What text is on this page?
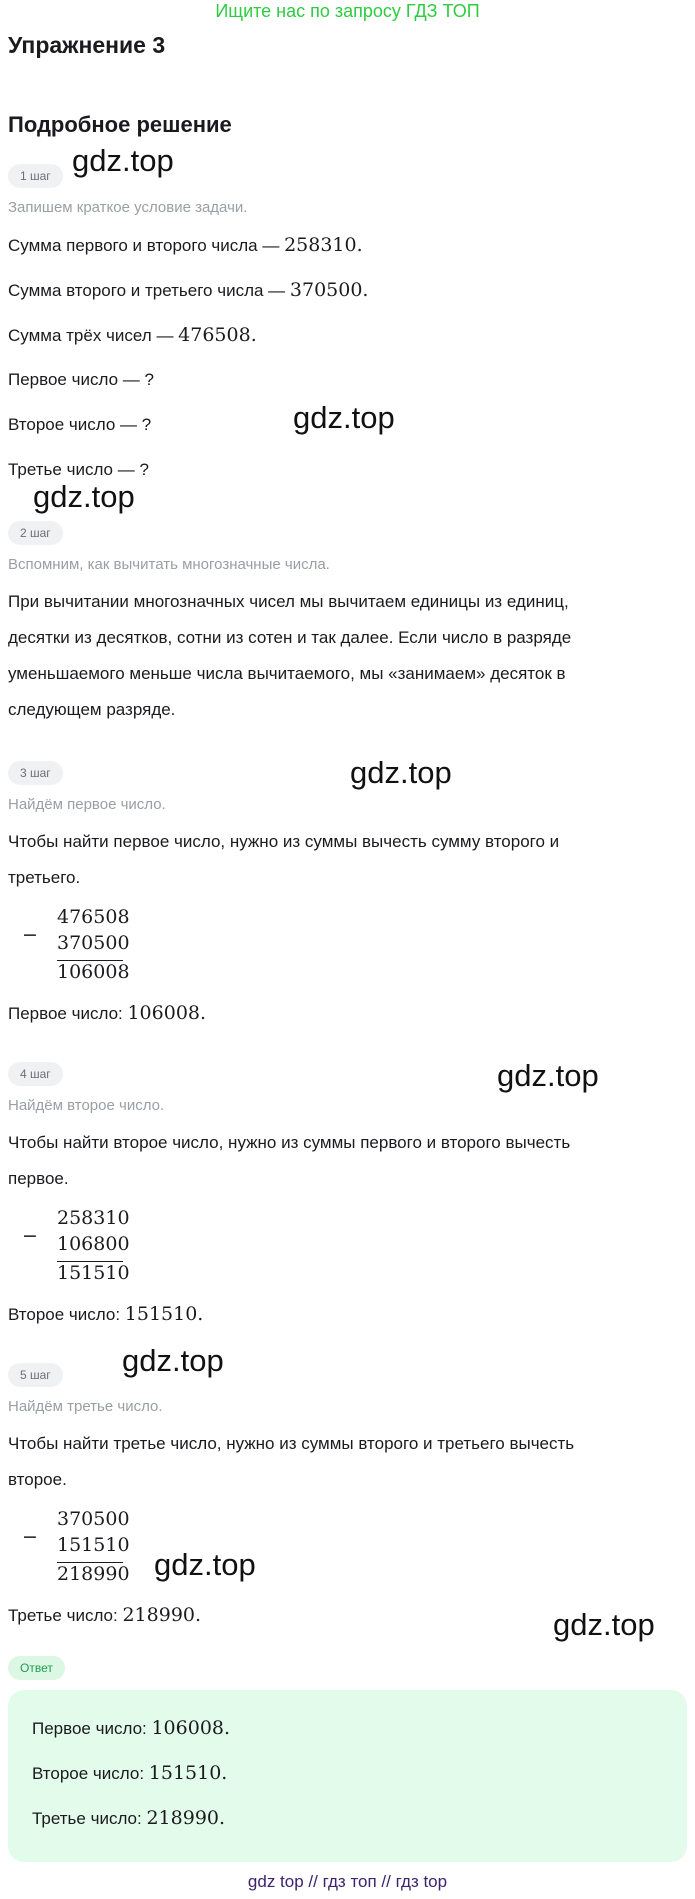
Ищите нас по запросу ГДЗ ТОП
Упражнение 3
Подробное решение
1 шаг gdz.top
Запишем краткое условие задачи.
Сумма первого и второго числа — 258310.
Сумма второго и третьего числа — 370500.
Сумма трёх чисел — 476508.
Первое число — ?
Второе число — ?	gdz.top
Третье число — ?
gdz.top
2 шаг
Вспомним, как вычитать многозначные числа.
При вычитании многозначных чисел мы вычитаем единицы из единиц, десятки из десятков, сотни из сотен и так далее. Если число в разряде уменьшаемого меньше числа вычитаемого, мы «занимаем» десяток в следующем разряде.
3 шаг	gdz.top
Найдём первое число.
Чтобы найти первое число, нужно из суммы вычесть сумму второго и третьего.
−
476508
370500
106008
Первое число: 106008.
4 шаг	gdz.top
Найдём второе число.
Чтобы найти второе число, нужно из суммы первого и второго вычесть первое.
−
258310
106800
151510
Второе число: 151510.
5 шаг	gdz.top
Найдём третье число.
Чтобы найти третье число, нужно из суммы второго и третьего вычесть второе.
−
370500
151510
218990 gdz.top
Третье число: 218990.	gdz.top
Ответ
Первое число: 106008.
Второе число: 151510.
Третье число: 218990.
gdz top // гдз топ // гдз top
